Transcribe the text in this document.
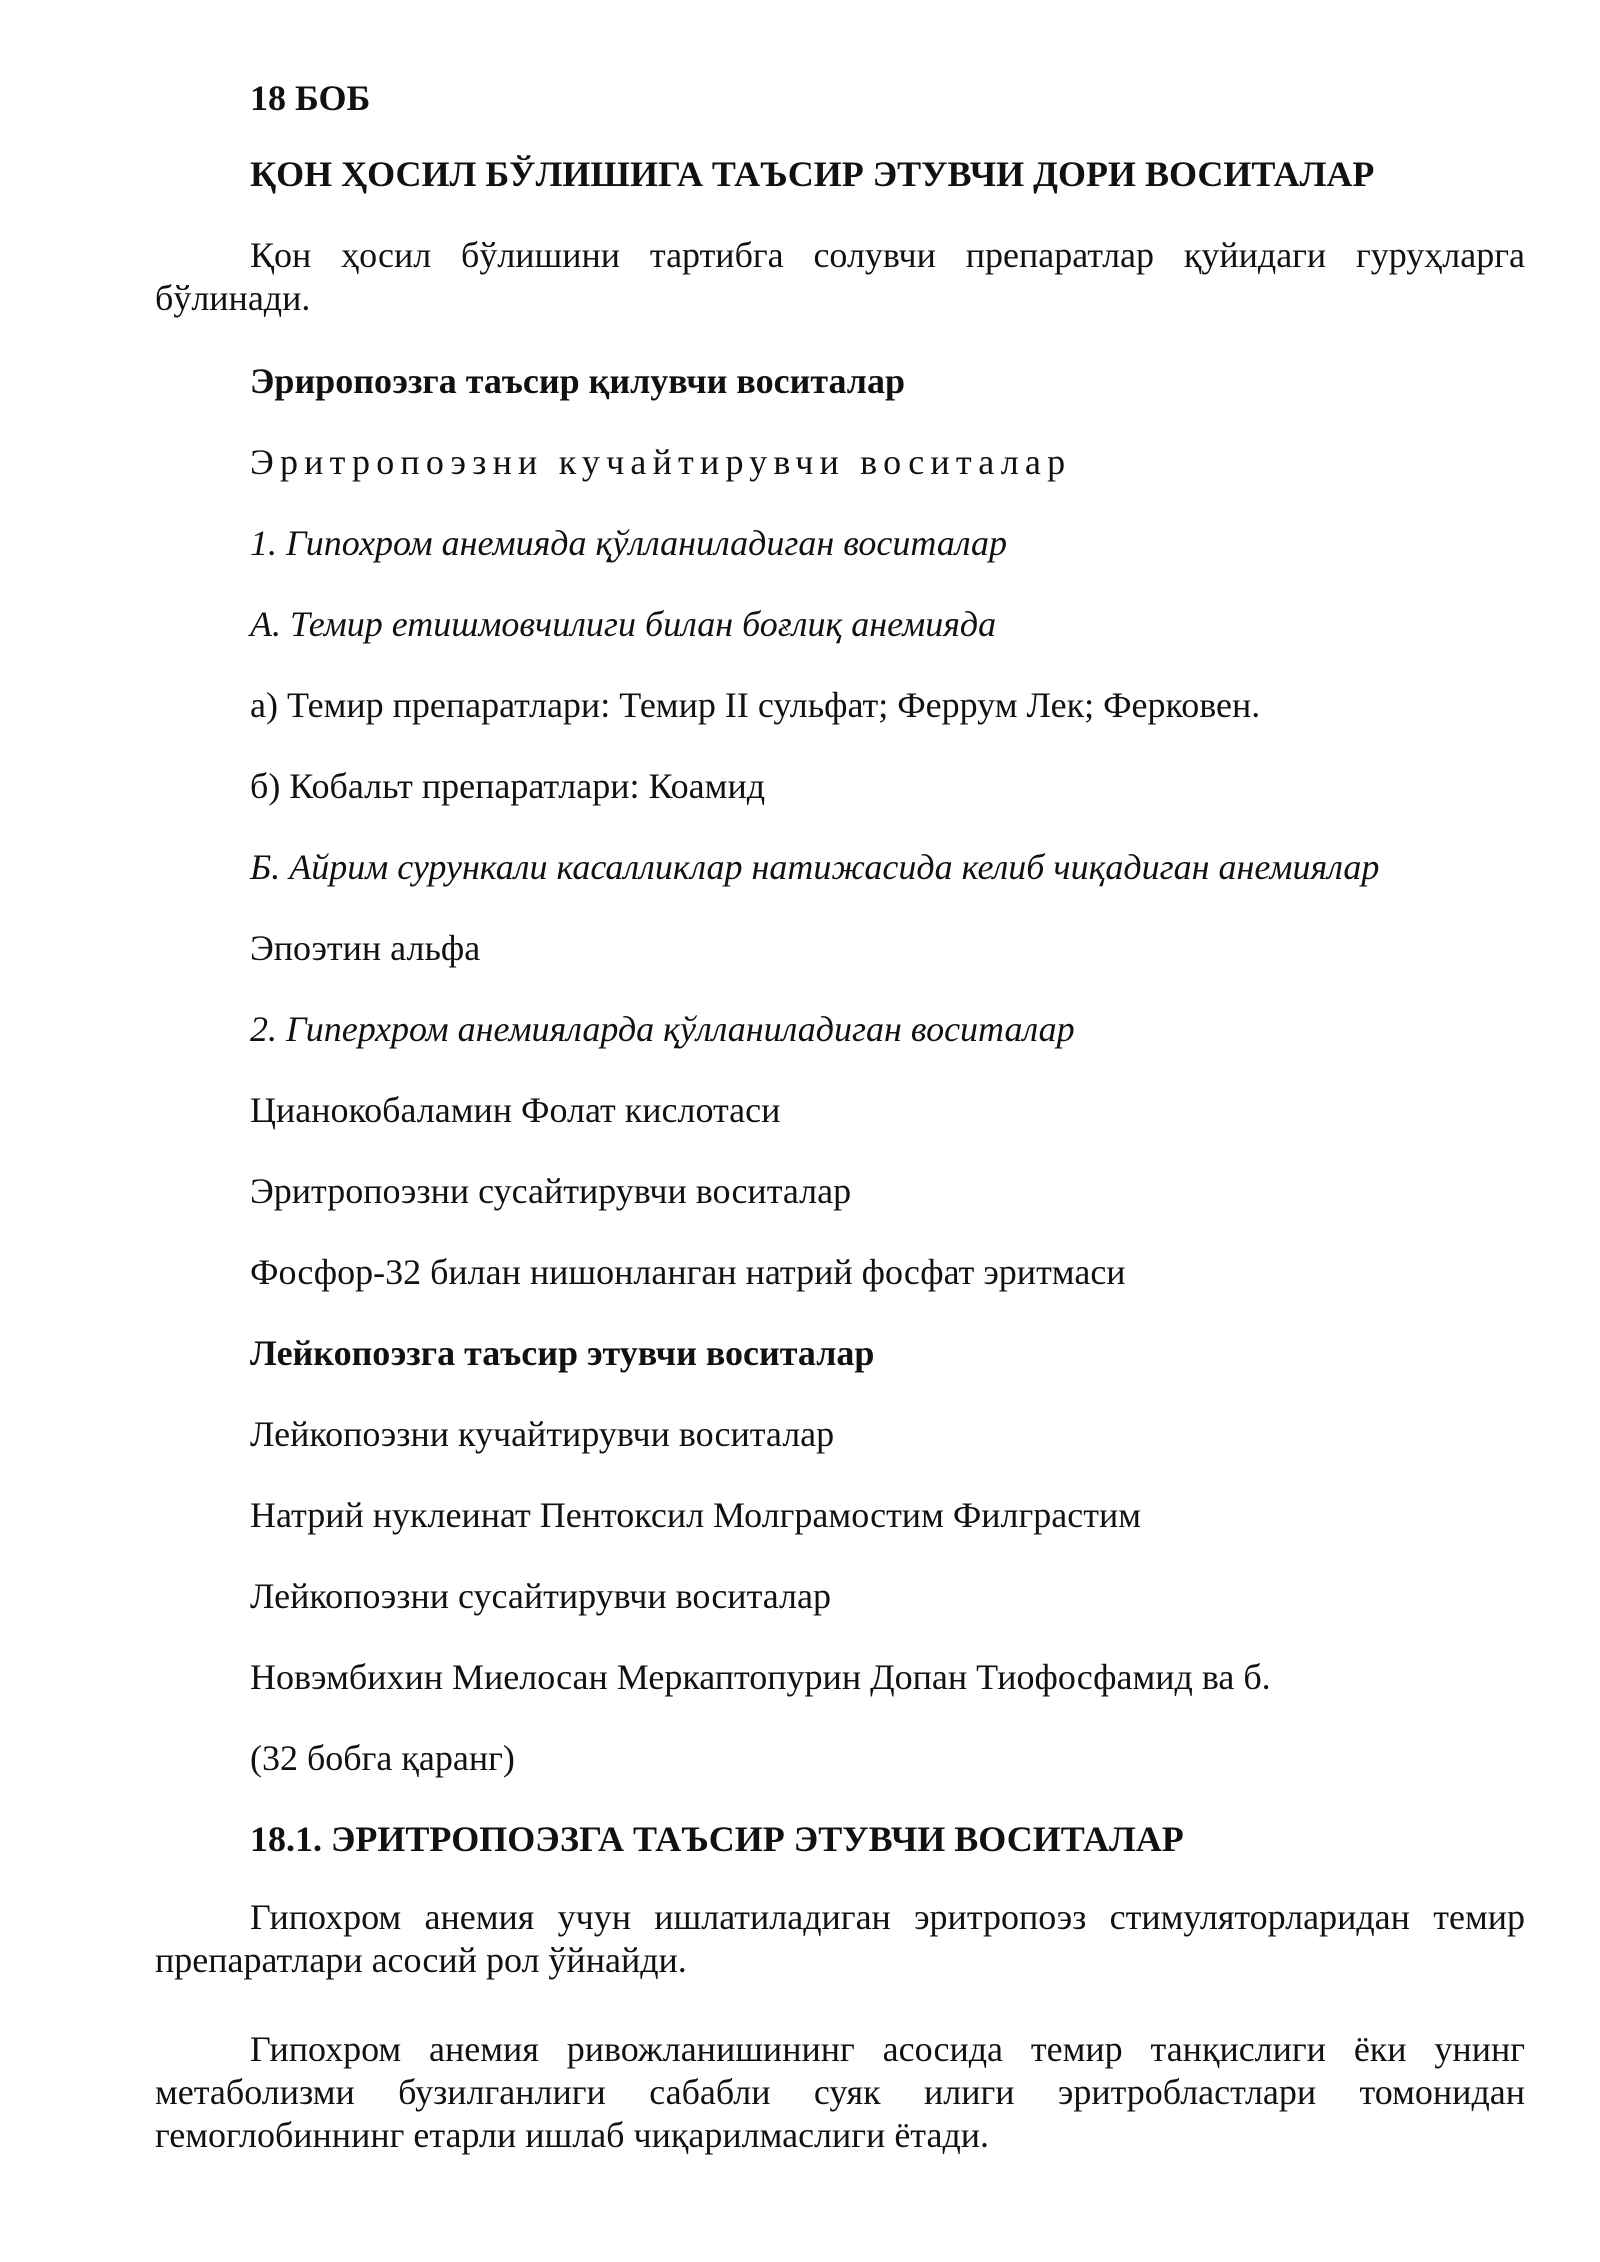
18 БОБ
ҚОН ҲОСИЛ БЎЛИШИГА ТАЪСИР ЭТУВЧИ ДОРИ ВОСИТАЛАР

Қон ҳосил бўлишини тартибга солувчи препаратлар қуйидаги гуруҳларга бўлинади.

Эриропоэзга таъсир қилувчи воситалар
Эритропоэзни кучайтирувчи воситалар
1. Гипохром анемияда қўлланиладиган воситалар
А. Темир етишмовчилиги билан боғлиқ анемияда
а) Темир препаратлари: Темир II сульфат; Феррум Лек; Ферковен.
б) Кобальт препаратлари: Коамид
Б. Айрим сурункали касалликлар натижасида келиб чиқадиган анемиялар
Эпоэтин альфа
2. Гиперхром анемияларда қўлланиладиган воситалар
Цианокобаламин Фолат кислотаси
Эритропоэзни сусайтирувчи воситалар
Фосфор-32 билан нишонланган натрий фосфат эритмаси
Лейкопоэзга таъсир этувчи воситалар
Лейкопоэзни кучайтирувчи воситалар
Натрий нуклеинат Пентоксил Молграмостим Филграстим
Лейкопоэзни сусайтирувчи воситалар
Новэмбихин Миелосан Меркаптопурин Допан Тиофосфамид ва б.
(32 бобга қаранг)
18.1. ЭРИТРОПОЭЗГА ТАЪСИР ЭТУВЧИ ВОСИТАЛАР

Гипохром анемия учун ишлатиладиган эритропоэз стимуляторларидан темир препаратлари асосий рол ўйнайди.

Гипохром анемия ривожланишининг асосида темир танқислиги ёки унинг метаболизми бузилганлиги сабабли суяк илиги эритробластлари томонидан гемоглобиннинг етарли ишлаб чиқарилмаслиги ётади.
